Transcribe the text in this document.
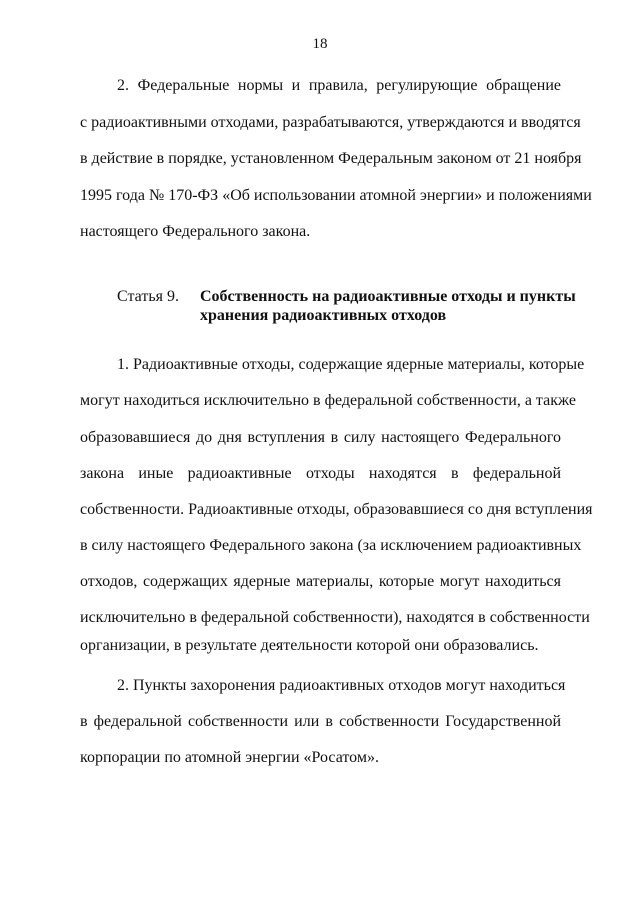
18
2. Федеральные нормы и правила, регулирующие обращение
с радиоактивными отходами, разрабатываются, утверждаются и вводятся
в действие в порядке, установленном Федеральным законом от 21 ноября
1995 года № 170-ФЗ «Об использовании атомной энергии» и положениями
настоящего Федерального закона.
Статья 9. Собственность на радиоактивные отходы и пункты
хранения радиоактивных отходов
1. Радиоактивные отходы, содержащие ядерные материалы, которые
могут находиться исключительно в федеральной собственности, а также
образовавшиеся до дня вступления в силу настоящего Федерального
закона иные радиоактивные отходы находятся в федеральной
собственности. Радиоактивные отходы, образовавшиеся со дня вступления
в силу настоящего Федерального закона (за исключением радиоактивных
отходов, содержащих ядерные материалы, которые могут находиться
исключительно в федеральной собственности), находятся в собственности
организации, в результате деятельности которой они образовались.
2. Пункты захоронения радиоактивных отходов могут находиться
в федеральной собственности или в собственности Государственной
корпорации по атомной энергии «Росатом».
